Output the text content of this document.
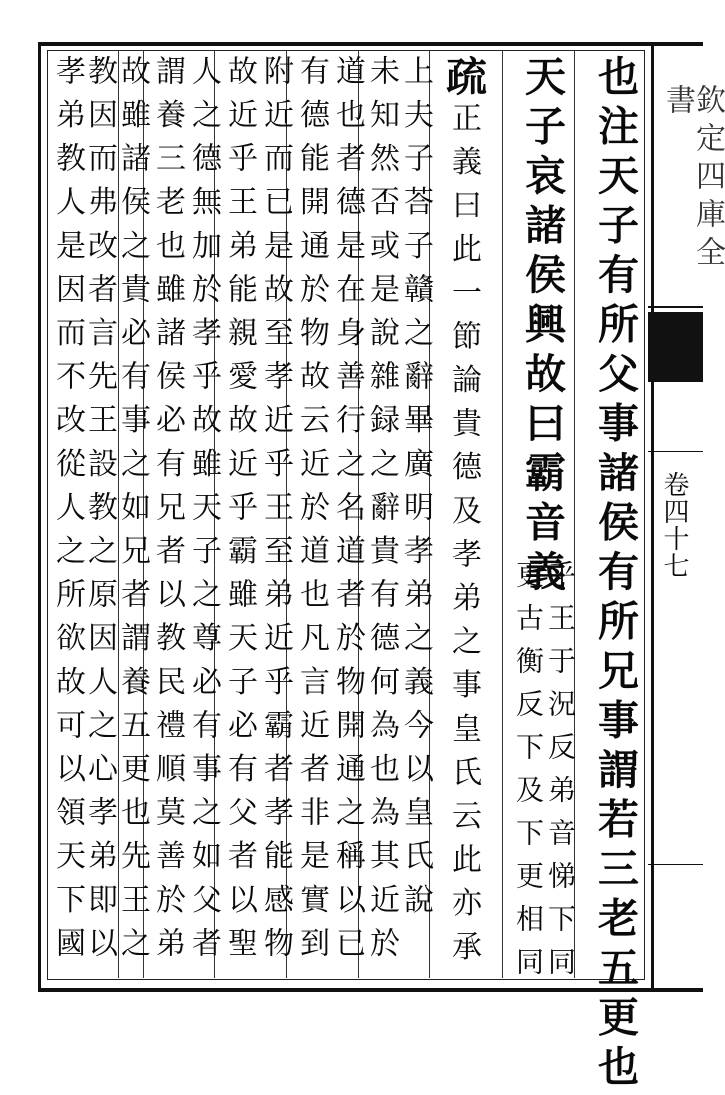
欽定四庫全書
卷四十七
也注天子有所父事諸侯有所兄事謂若三老五更也
天子哀諸侯興故曰霸音義
乎王于況反弟音悌下同
更古衡反下及下更相同
疏正義曰此一節論貴德及孝弟之事皇氏云此亦承
上夫子荅子贛之辭畢廣明孝弟之義今以皇氏說
未知然否或是說雜録之辭貴有德何為也為其近於
道也者德是在身善行之名道者於物開通之稱以已
有德能開通於物故云近於道也凡言近者非是實到
附近而已是故至孝近乎王至弟近乎霸者孝能感物
故近乎王弟能親愛故近乎霸雖天子必有父者以聖
人之德無加於孝乎故雖天子之尊必有事之如父者
謂養三老也雖諸侯必有兄者以教民禮順莫善於弟
故雖諸侯之貴必有事之如兄者謂養五更也先王之
教因而弗改者言先王設教之原因人之心孝弟即以
孝弟教人是因而不改從人之所欲故可以領天下國
